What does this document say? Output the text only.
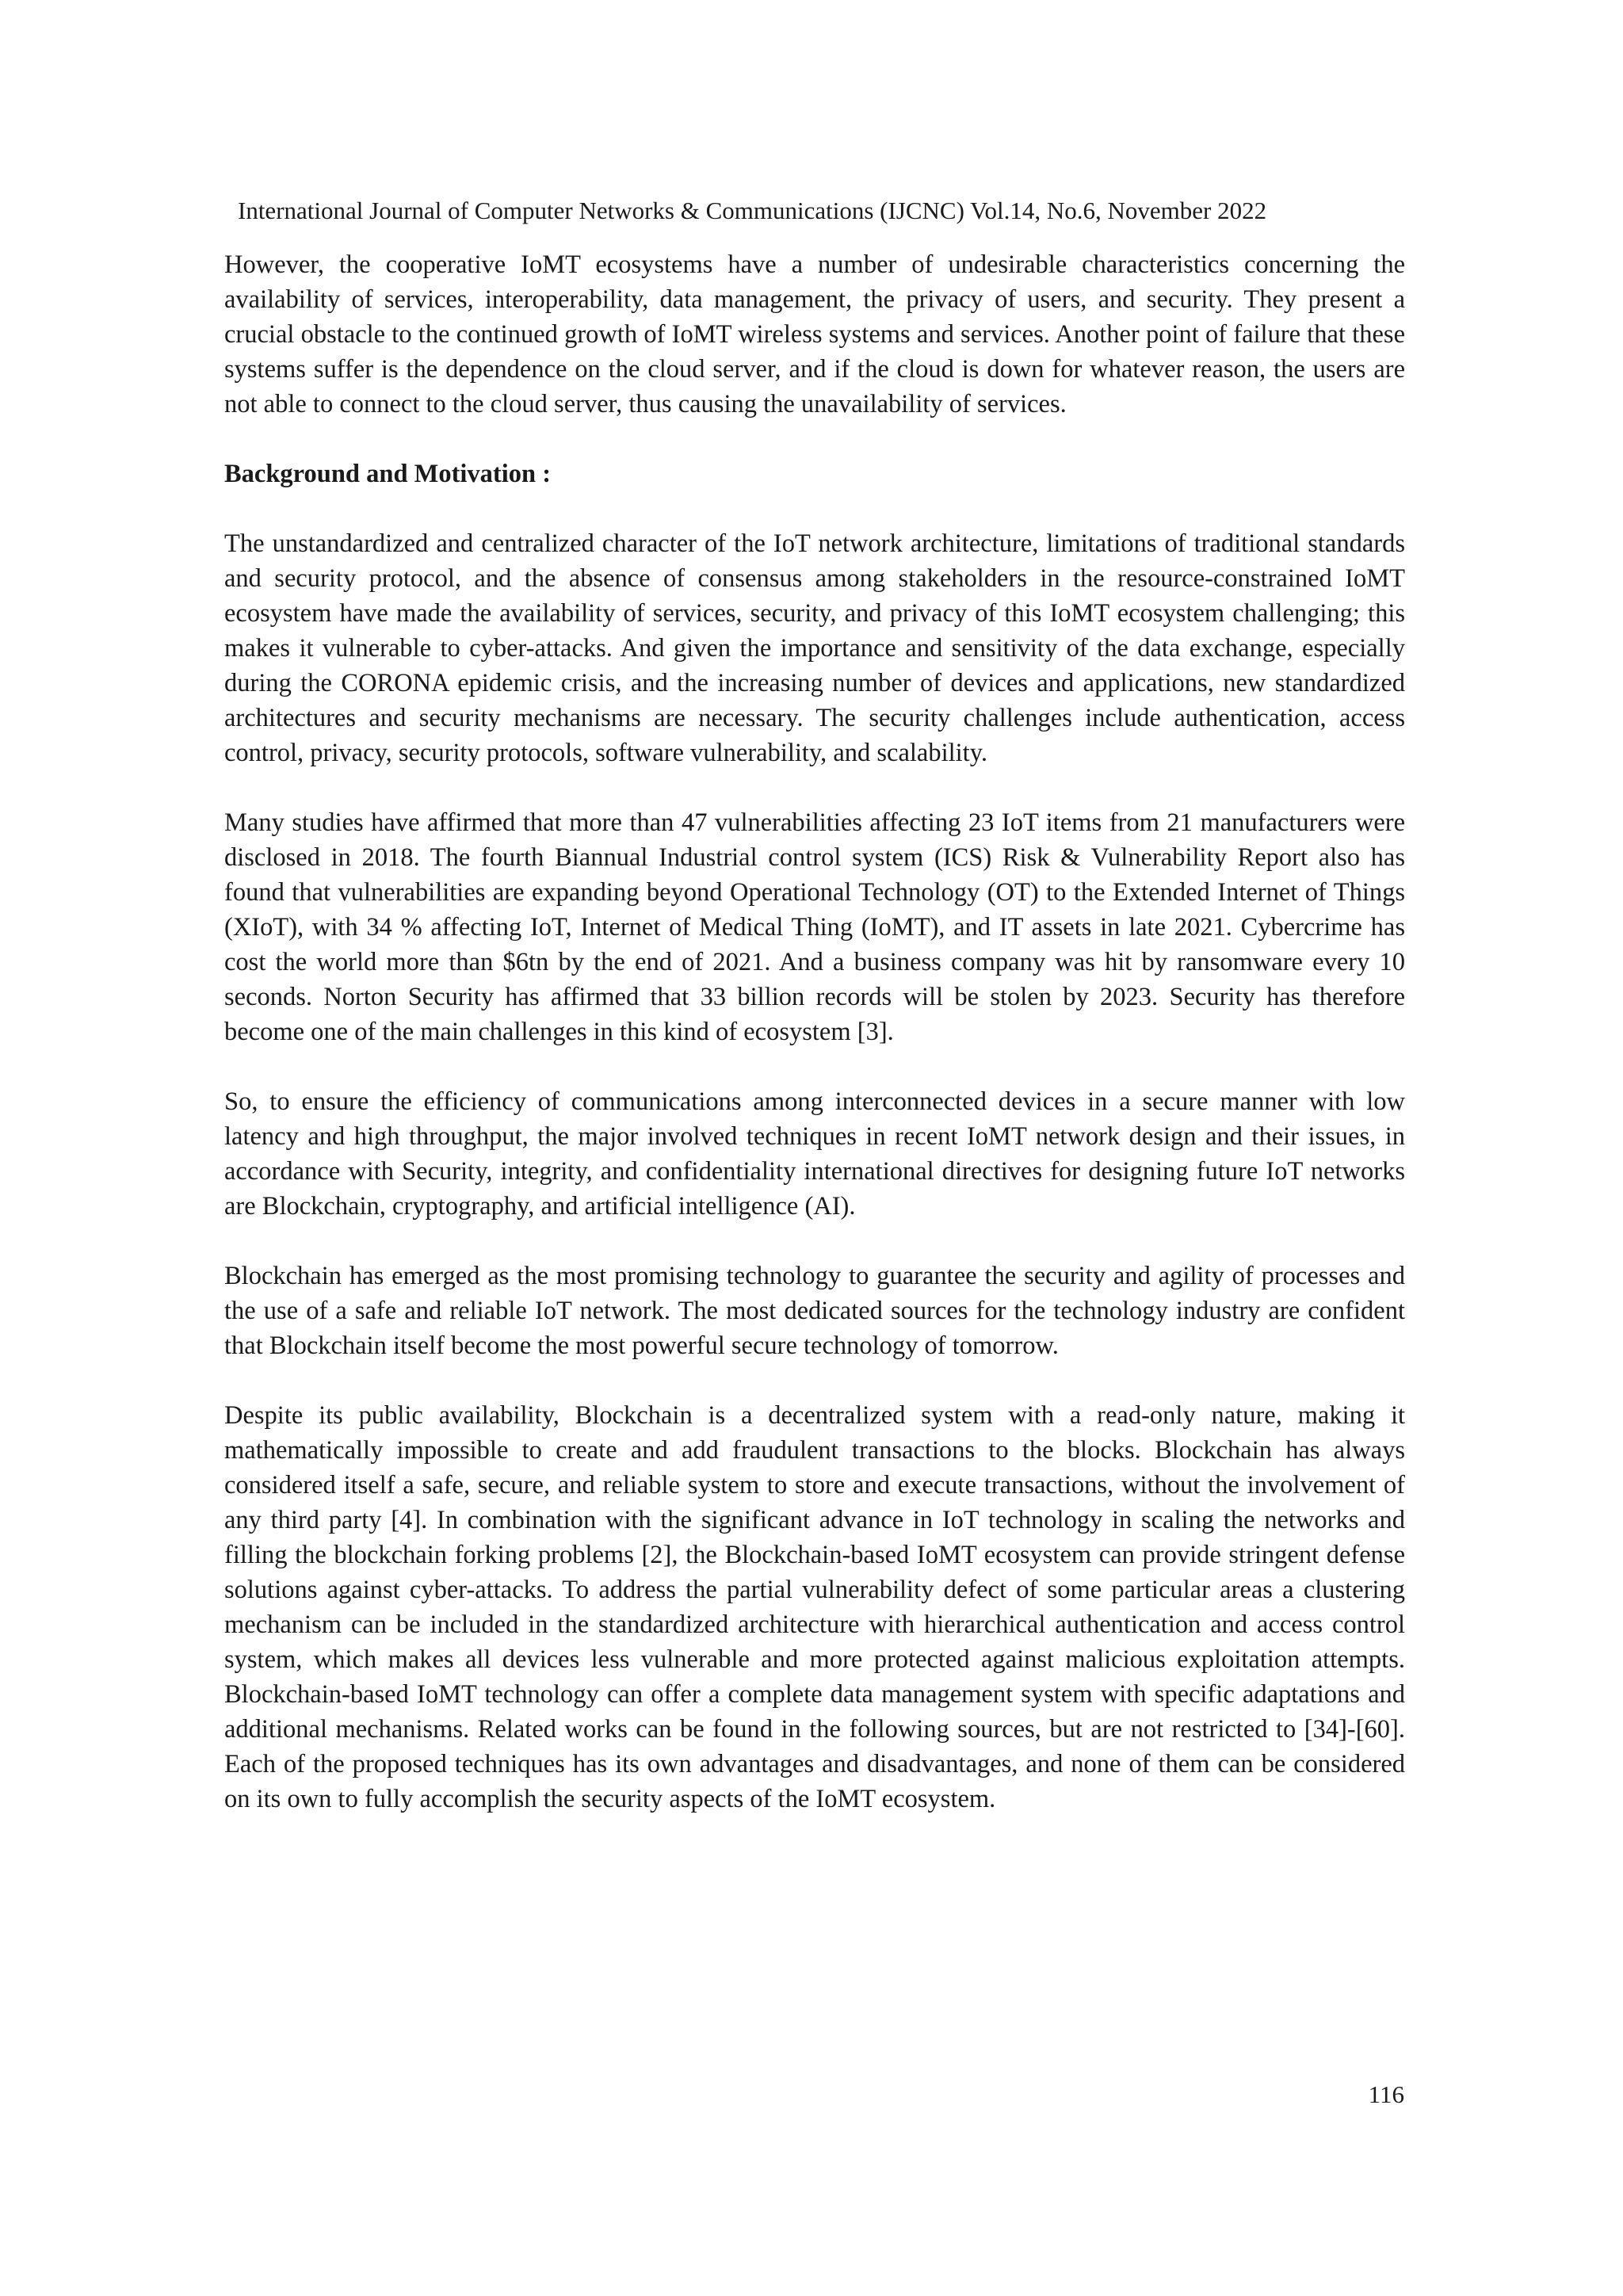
International Journal of Computer Networks & Communications (IJCNC) Vol.14, No.6, November 2022

However, the cooperative IoMT ecosystems have a number of undesirable characteristics concerning the availability of services, interoperability, data management, the privacy of users, and security. They present a crucial obstacle to the continued growth of IoMT wireless systems and services. Another point of failure that these systems suffer is the dependence on the cloud server, and if the cloud is down for whatever reason, the users are not able to connect to the cloud server, thus causing the unavailability of services.

Background and Motivation :

The unstandardized and centralized character of the IoT network architecture, limitations of traditional standards and security protocol, and the absence of consensus among stakeholders in the resource-constrained IoMT ecosystem have made the availability of services, security, and privacy of this IoMT ecosystem challenging; this makes it vulnerable to cyber-attacks. And given the importance and sensitivity of the data exchange, especially during the CORONA epidemic crisis, and the increasing number of devices and applications, new standardized architectures and security mechanisms are necessary. The security challenges include authentication, access control, privacy, security protocols, software vulnerability, and scalability.

Many studies have affirmed that more than 47 vulnerabilities affecting 23 IoT items from 21 manufacturers were disclosed in 2018. The fourth Biannual Industrial control system (ICS) Risk & Vulnerability Report also has found that vulnerabilities are expanding beyond Operational Technology (OT) to the Extended Internet of Things (XIoT), with 34 % affecting IoT, Internet of Medical Thing (IoMT), and IT assets in late 2021. Cybercrime has cost the world more than $6tn by the end of 2021. And a business company was hit by ransomware every 10 seconds. Norton Security has affirmed that 33 billion records will be stolen by 2023. Security has therefore become one of the main challenges in this kind of ecosystem [3].

So, to ensure the efficiency of communications among interconnected devices in a secure manner with low latency and high throughput, the major involved techniques in recent IoMT network design and their issues, in accordance with Security, integrity, and confidentiality international directives for designing future IoT networks are Blockchain, cryptography, and artificial intelligence (AI).

Blockchain has emerged as the most promising technology to guarantee the security and agility of processes and the use of a safe and reliable IoT network. The most dedicated sources for the technology industry are confident that Blockchain itself become the most powerful secure technology of tomorrow.

Despite its public availability, Blockchain is a decentralized system with a read-only nature, making it mathematically impossible to create and add fraudulent transactions to the blocks. Blockchain has always considered itself a safe, secure, and reliable system to store and execute transactions, without the involvement of any third party [4]. In combination with the significant advance in IoT technology in scaling the networks and filling the blockchain forking problems [2], the Blockchain-based IoMT ecosystem can provide stringent defense solutions against cyber-attacks. To address the partial vulnerability defect of some particular areas a clustering mechanism can be included in the standardized architecture with hierarchical authentication and access control system, which makes all devices less vulnerable and more protected against malicious exploitation attempts. Blockchain-based IoMT technology can offer a complete data management system with specific adaptations and additional mechanisms. Related works can be found in the following sources, but are not restricted to [34]-[60]. Each of the proposed techniques has its own advantages and disadvantages, and none of them can be considered on its own to fully accomplish the security aspects of the IoMT ecosystem.

116
